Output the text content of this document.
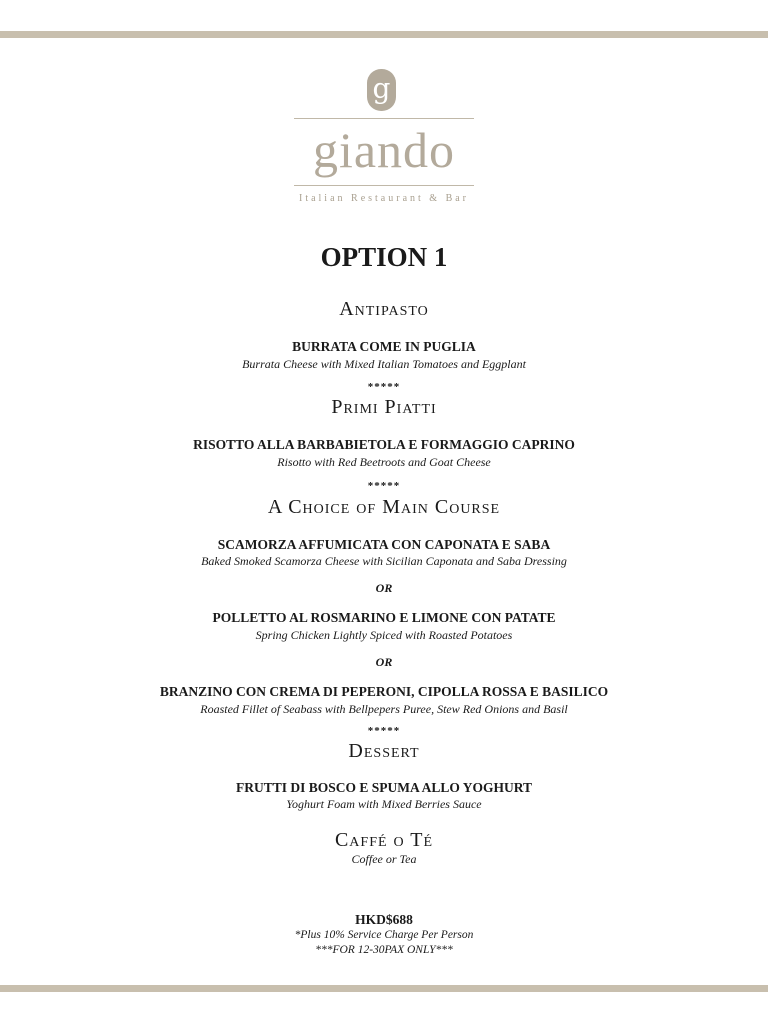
g
giando
Italian Restaurant & Bar
OPTION 1
Antipasto
BURRATA COME IN PUGLIA
Burrata Cheese with Mixed Italian Tomatoes and Eggplant
*****
Primi Piatti
RISOTTO ALLA BARBABIETOLA E FORMAGGIO CAPRINO
Risotto with Red Beetroots and Goat Cheese
*****
A Choice of Main Course
SCAMORZA AFFUMICATA CON CAPONATA E SABA
Baked Smoked Scamorza Cheese with Sicilian Caponata and Saba Dressing
OR
POLLETTO AL ROSMARINO E LIMONE CON PATATE
Spring Chicken Lightly Spiced with Roasted Potatoes
OR
BRANZINO CON CREMA DI PEPERONI, CIPOLLA ROSSA E BASILICO
Roasted Fillet of Seabass with Bellpepers Puree, Stew Red Onions and Basil
*****
Dessert
FRUTTI DI BOSCO E SPUMA ALLO YOGHURT
Yoghurt Foam with Mixed Berries Sauce
Caffé o Té
Coffee or Tea
HKD$688
*Plus 10% Service Charge Per Person
***FOR 12-30PAX ONLY***
